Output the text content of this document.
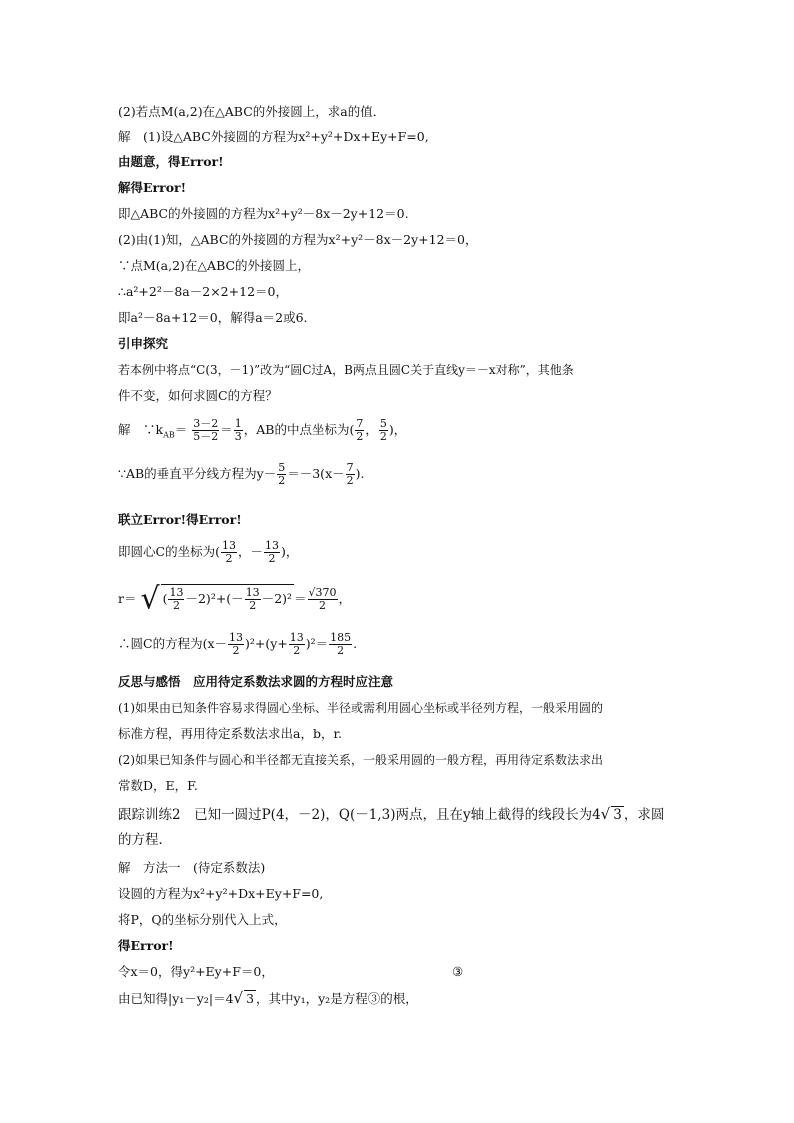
(2)若点M(a,2)在△ABC的外接圆上，求a的值．
解　(1)设△ABC外接圆的方程为x²+y²+Dx+Ey+F=0,
由题意，得Error!
解得Error!
即△ABC的外接圆的方程为x²+y²－8x－2y+12＝0.
(2)由(1)知，△ABC的外接圆的方程为x²+y²－8x－2y+12＝0，
∵点M(a,2)在△ABC的外接圆上，
∴a²+2²－8a－2×2+12＝0，
即a²－8a+12＝0，解得a＝2或6.
引申探究
若本例中将点“C(3，－1)”改为“圆C过A，B两点且圆C关于直线y＝－x对称”，其他条
件不变，如何求圆C的方程？
解　$\because k_{AB}= \frac{3-2}{5-2} = \frac{1}{3}$ ，AB的中点坐标为( $\frac{7}{2}$ ， $\frac{5}{2}$ )，
∵AB的垂直平分线方程为$y- \frac{5}{2} =-3(x- \frac{7}{2}$ ).
联立Error!得Error!
即圆心C的坐标为( $\frac{13}{2}$ ，－ $\frac{13}{2}$ )，
r＝ √ ( $\frac{13}{2} -2)^2+(- \frac{13}{2} -2)^2 = \frac{√370}{2}$ ，
∴圆C的方程为$(x- \frac{13}{2} )^2+(y+ \frac{13}{2} )^2= \frac{185}{2}$ .
反思与感悟　应用待定系数法求圆的方程时应注意
(1)如果由已知条件容易求得圆心坐标、半径或需利用圆心坐标或半径列方程，一般采用圆的
标准方程，再用待定系数法求出a，b，r.
(2)如果已知条件与圆心和半径都无直接关系，一般采用圆的一般方程，再用待定系数法求出
常数D，E，F.
跟踪训练2　已知一圆过P(4，－2)，Q(－1,3)两点，且在y轴上截得的线段长为4√ 3 ，求圆
的方程．
解　方法一　(待定系数法)
设圆的方程为x²+y²+Dx+Ey+F=0,
将P，Q的坐标分别代入上式，
得Error!
令x＝0，得y²+Ey+F＝0，	③
由已知得|y₁－y₂|＝4√ 3 ，其中y₁，y₂是方程③的根，
